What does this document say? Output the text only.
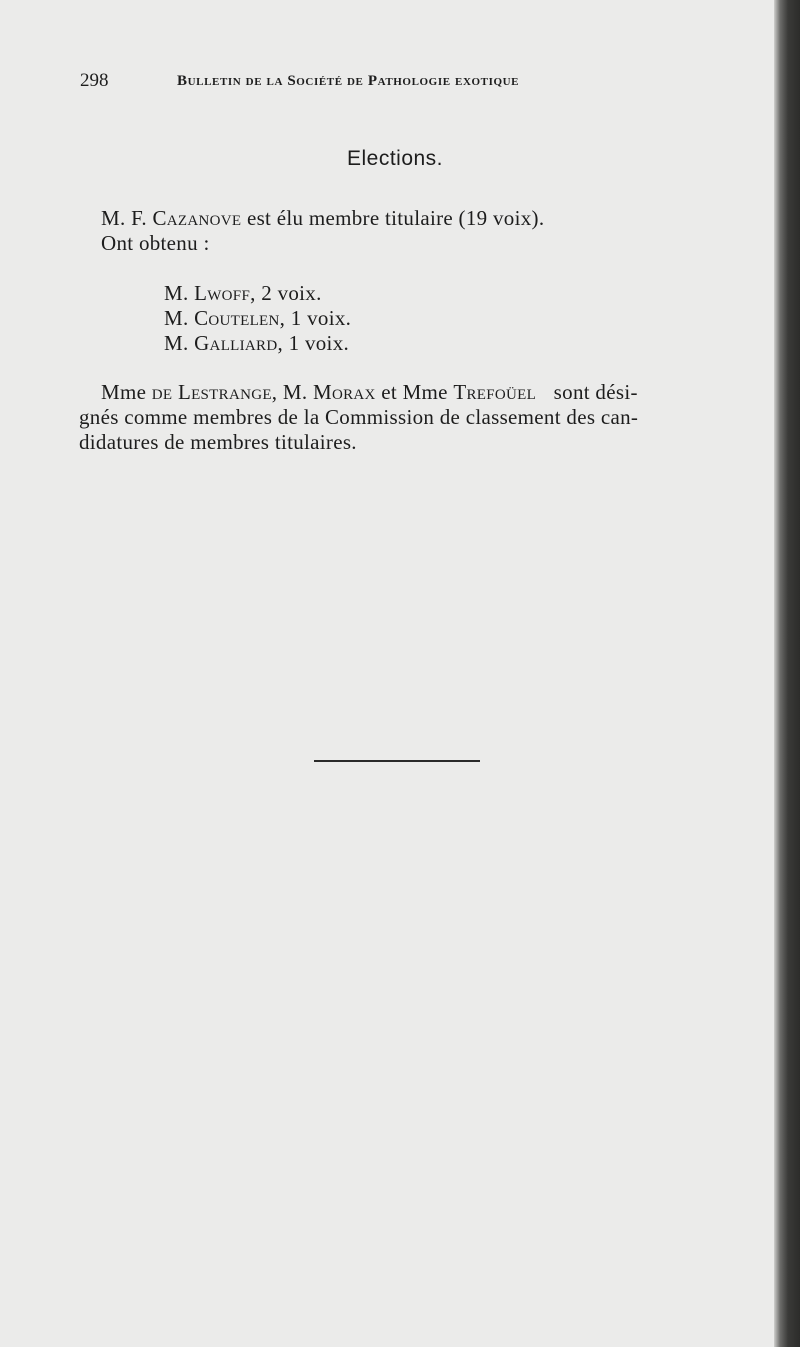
298	Bulletin de la Société de Pathologie exotique
Elections.
M. F. Cazanove est élu membre titulaire (19 voix).
Ont obtenu :
M. Lwoff, 2 voix.
M. Coutelen, 1 voix.
M. Galliard, 1 voix.
Mme de Lestrange, M. Morax et Mme Trefoüel sont dési-
gnés comme membres de la Commission de classement des can-
didatures de membres titulaires.
